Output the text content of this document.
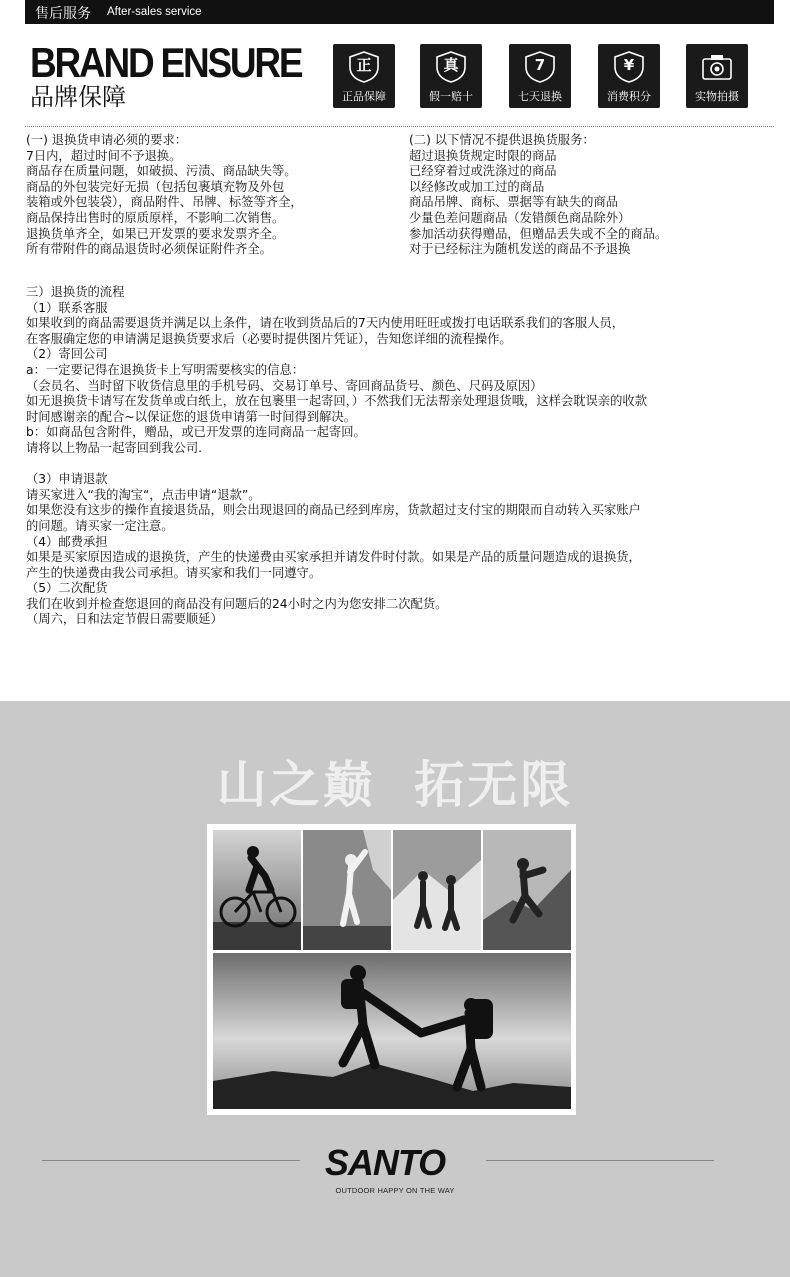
售后服务 After-sales service
BRAND ENSURE
品牌保障
正
正品保障
真
假一赔十
7
七天退换
¥
消费积分	实物拍摄
(一) 退换货申请必须的要求：
7日内，超过时间不予退换。
商品存在质量问题，如破损、污渍、商品缺失等。
商品的外包装完好无损（包括包裹填充物及外包
装箱或外包装袋），商品附件、吊牌、标签等齐全，
商品保持出售时的原质原样，不影响二次销售。
退换货单齐全，如果已开发票的要求发票齐全。
所有带附件的商品退货时必须保证附件齐全。
(二) 以下情况不提供退换货服务：
超过退换货规定时限的商品
已经穿着过或洗涤过的商品
以经修改或加工过的商品
商品吊牌、商标、票据等有缺失的商品
少量色差问题商品（发错颜色商品除外）
参加活动获得赠品，但赠品丢失或不全的商品。
对于已经标注为随机发送的商品不予退换
三）退换货的流程
（1）联系客服
如果收到的商品需要退货并满足以上条件，请在收到货品后的7天内使用旺旺或拨打电话联系我们的客服人员，
在客服确定您的申请满足退换货要求后（必要时提供图片凭证），告知您详细的流程操作。
（2）寄回公司
a：一定要记得在退换货卡上写明需要核实的信息：
（会员名、当时留下收货信息里的手机号码、交易订单号、寄回商品货号、颜色、尺码及原因）
如无退换货卡请写在发货单或白纸上，放在包裹里一起寄回，）不然我们无法帮亲处理退货哦，这样会耽误亲的收款
时间感谢亲的配合~以保证您的退货申请第一时间得到解决。
b：如商品包含附件，赠品，或已开发票的连同商品一起寄回。
请将以上物品一起寄回到我公司.

（3）申请退款
请买家进入“我的淘宝“，点击申请“退款”。
如果您没有这步的操作直接退货品，则会出现退回的商品已经到库房，货款超过支付宝的期限而自动转入买家账户
的问题。请买家一定注意。
（4）邮费承担
如果是买家原因造成的退换货，产生的快递费由买家承担并请发件时付款。如果是产品的质量问题造成的退换货，
产生的快递费由我公司承担。请买家和我们一同遵守。
（5）二次配货
我们在收到并检查您退回的商品没有问题后的24小时之内为您安排二次配货。
（周六，日和法定节假日需要顺延）
山之巅 拓无限
SANTO
OUTDOOR HAPPY ON THE WAY
